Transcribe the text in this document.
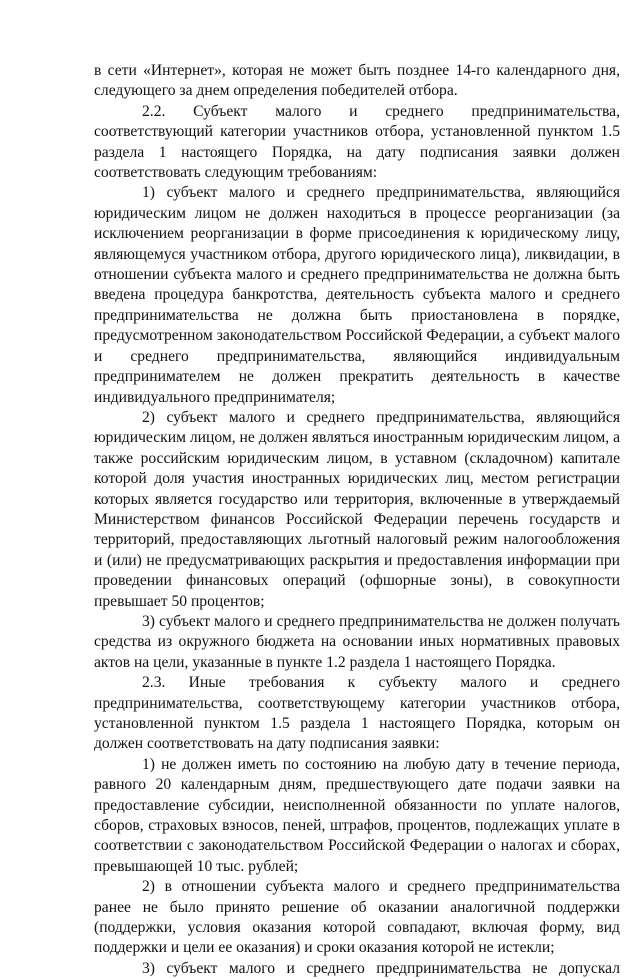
в сети «Интернет», которая не может быть позднее 14-го календарного дня, следующего за днем определения победителей отбора.

2.2. Субъект малого и среднего предпринимательства, соответствующий категории участников отбора, установленной пунктом 1.5 раздела 1 настоящего Порядка, на дату подписания заявки должен соответствовать следующим требованиям:

1) субъект малого и среднего предпринимательства, являющийся юридическим лицом не должен находиться в процессе реорганизации (за исключением реорганизации в форме присоединения к юридическому лицу, являющемуся участником отбора, другого юридического лица), ликвидации, в отношении субъекта малого и среднего предпринимательства не должна быть введена процедура банкротства, деятельность субъекта малого и среднего предпринимательства не должна быть приостановлена в порядке, предусмотренном законодательством Российской Федерации, а субъект малого и среднего предпринимательства, являющийся индивидуальным предпринимателем не должен прекратить деятельность в качестве индивидуального предпринимателя;

2) субъект малого и среднего предпринимательства, являющийся юридическим лицом, не должен являться иностранным юридическим лицом, а также российским юридическим лицом, в уставном (складочном) капитале которой доля участия иностранных юридических лиц, местом регистрации которых является государство или территория, включенные в утверждаемый Министерством финансов Российской Федерации перечень государств и территорий, предоставляющих льготный налоговый режим налогообложения и (или) не предусматривающих раскрытия и предоставления информации при проведении финансовых операций (офшорные зоны), в совокупности превышает 50 процентов;

3) субъект малого и среднего предпринимательства не должен получать средства из окружного бюджета на основании иных нормативных правовых актов на цели, указанные в пункте 1.2 раздела 1 настоящего Порядка.

2.3. Иные требования к субъекту малого и среднего предпринимательства, соответствующему категории участников отбора, установленной пунктом 1.5 раздела 1 настоящего Порядка, которым он должен соответствовать на дату подписания заявки:

1) не должен иметь по состоянию на любую дату в течение периода, равного 20 календарным дням, предшествующего дате подачи заявки на предоставление субсидии, неисполненной обязанности по уплате налогов, сборов, страховых взносов, пеней, штрафов, процентов, подлежащих уплате в соответствии с законодательством Российской Федерации о налогах и сборах, превышающей 10 тыс. рублей;

2) в отношении субъекта малого и среднего предпринимательства ранее не было принято решение об оказании аналогичной поддержки (поддержки, условия оказания которой совпадают, включая форму, вид поддержки и цели ее оказания) и сроки оказания которой не истекли;

3) субъект малого и среднего предпринимательства не допускал
